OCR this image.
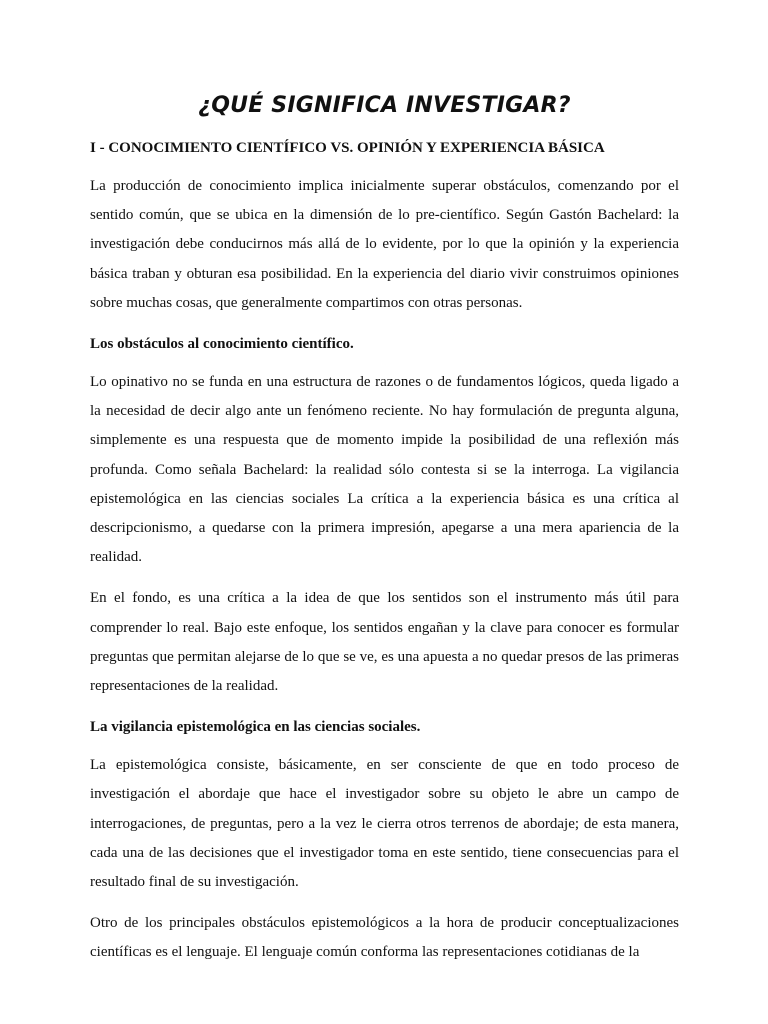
¿QUÉ SIGNIFICA INVESTIGAR?
I - CONOCIMIENTO CIENTÍFICO VS. OPINIÓN Y EXPERIENCIA BÁSICA

La producción de conocimiento implica inicialmente superar obstáculos, comenzando por el sentido común, que se ubica en la dimensión de lo pre-científico. Según Gastón Bachelard: la investigación debe conducirnos más allá de lo evidente, por lo que la opinión y la experiencia básica traban y obturan esa posibilidad. En la experiencia del diario vivir construimos opiniones sobre muchas cosas, que generalmente compartimos con otras personas.

Los obstáculos al conocimiento científico.

Lo opinativo no se funda en una estructura de razones o de fundamentos lógicos, queda ligado a la necesidad de decir algo ante un fenómeno reciente. No hay formulación de pregunta alguna, simplemente es una respuesta que de momento impide la posibilidad de una reflexión más profunda. Como señala Bachelard: la realidad sólo contesta si se la interroga. La vigilancia epistemológica en las ciencias sociales La crítica a la experiencia básica es una crítica al descripcionismo, a quedarse con la primera impresión, apegarse a una mera apariencia de la realidad.

En el fondo, es una crítica a la idea de que los sentidos son el instrumento más útil para comprender lo real. Bajo este enfoque, los sentidos engañan y la clave para conocer es formular preguntas que permitan alejarse de lo que se ve, es una apuesta a no quedar presos de las primeras representaciones de la realidad.

La vigilancia epistemológica en las ciencias sociales.

La epistemológica consiste, básicamente, en ser consciente de que en todo proceso de investigación el abordaje que hace el investigador sobre su objeto le abre un campo de interrogaciones, de preguntas, pero a la vez le cierra otros terrenos de abordaje; de esta manera, cada una de las decisiones que el investigador toma en este sentido, tiene consecuencias para el resultado final de su investigación.

Otro de los principales obstáculos epistemológicos a la hora de producir conceptualizaciones científicas es el lenguaje. El lenguaje común conforma las representaciones cotidianas de la
